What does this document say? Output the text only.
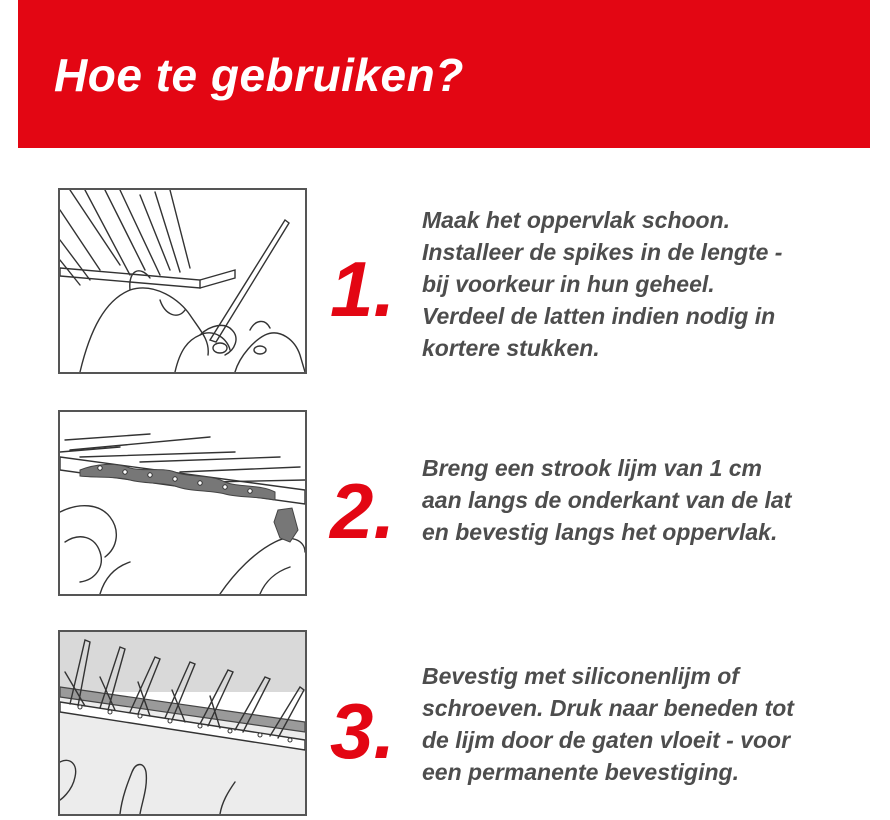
Hoe te gebruiken?
1.
Maak het oppervlak schoon.
Installeer de spikes in de lengte -
bij voorkeur in hun geheel.
Verdeel de latten indien nodig in
kortere stukken.
2. Breng een strook lijm van 1 cm
aan langs de onderkant van de lat
en bevestig langs het oppervlak.
3.
Bevestig met siliconenlijm of
schroeven. Druk naar beneden tot
de lijm door de gaten vloeit - voor
een permanente bevestiging.
